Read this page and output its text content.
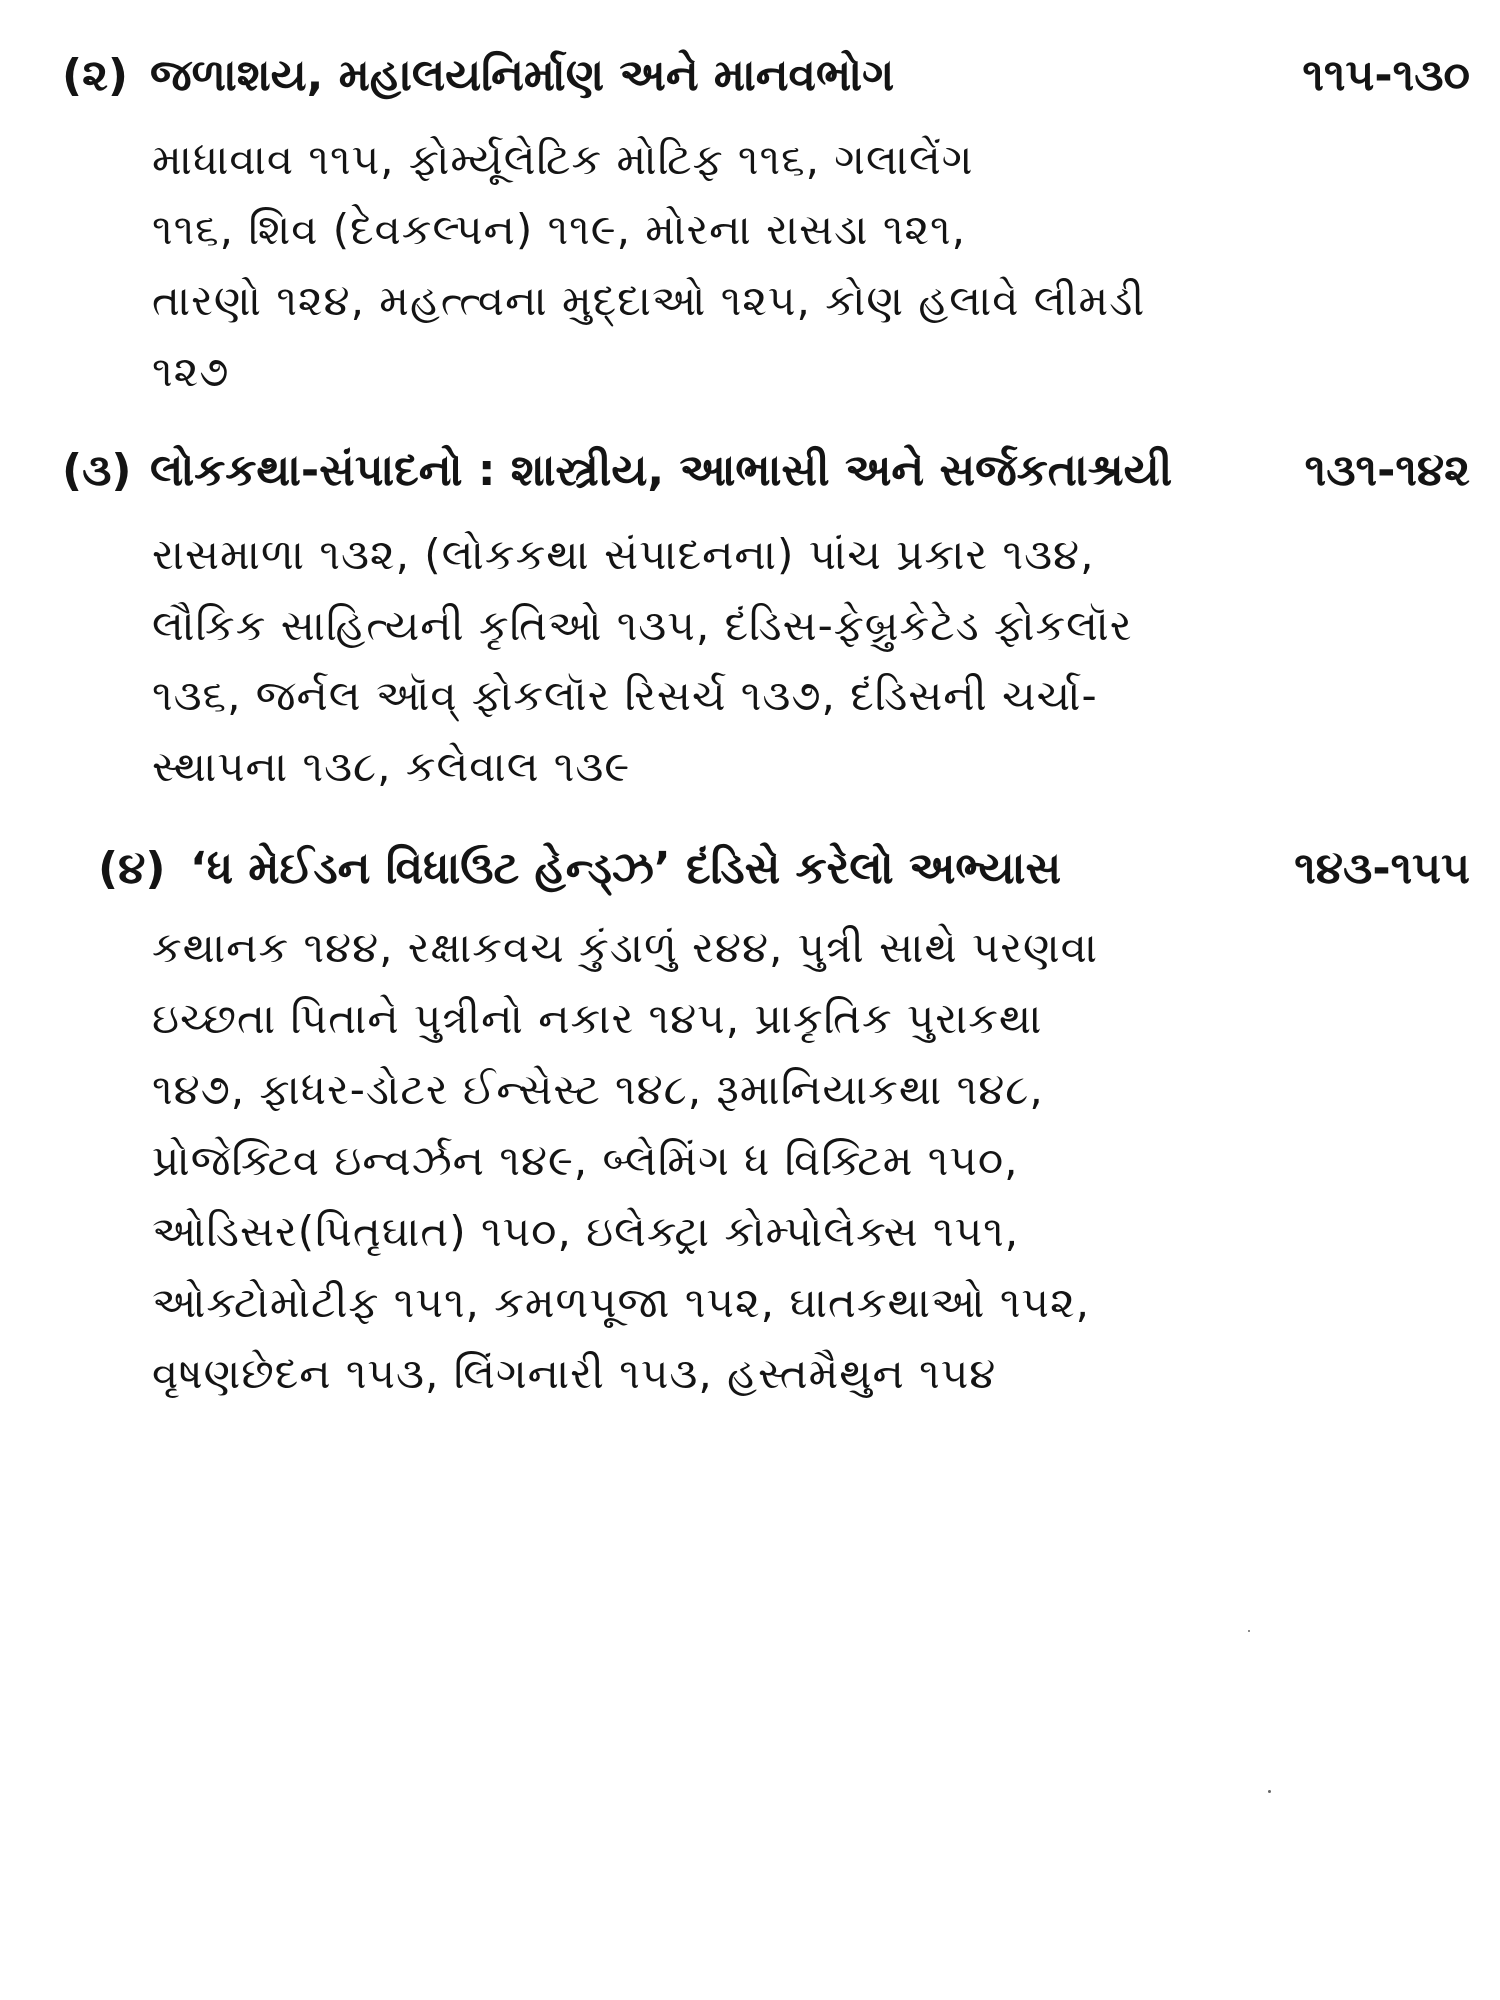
(૨) જળાશય, મહાલયનિર્માણ અને માનવભોગ	૧૧૫-૧૩૦
માધાવાવ ૧૧૫, ફોર્મ્યૂલેટિક મોટિફ ૧૧૬, ગલાલેંગ
૧૧૬, શિવ (દેવકલ્પન) ૧૧૯, મોરના રાસડા ૧૨૧,
તારણો ૧૨૪, મહત્ત્વના મુદ્દાઓ ૧૨૫, કોણ હલાવે લીમડી
૧૨૭
(૩) લોકકથા-સંપાદનો : શાસ્ત્રીય, આભાસી અને સર્જકતાશ્રયી	૧૩૧-૧૪૨
રાસમાળા ૧૩૨, (લોકકથા સંપાદનના) પાંચ પ્રકાર ૧૩૪,
લૌકિક સાહિત્યની કૃતિઓ ૧૩૫, દંડિસ-ફેબ્રુકેટેડ ફોકલૉર
૧૩૬, જર્નલ ઑવ્ ફોકલૉર રિસર્ચ ૧૩૭, દંડિસની ચર્ચા-
સ્થાપના ૧૩૮, કલેવાલ ૧૩૯
(૪) ‘ધ મેઈડન વિધાઉટ હેન્ડ્ઝ’ દંડિસે કરેલો અભ્યાસ	૧૪૩-૧૫૫
કથાનક ૧૪૪, રક્ષાકવચ કુંડાળું ર૪૪, પુત્રી સાથે પરણવા
ઇચ્છતા પિતાને પુત્રીનો નકાર ૧૪૫, પ્રાકૃતિક પુરાકથા
૧૪૭, ફાધર-ડોટર ઈન્સેસ્ટ ૧૪૮, રૂમાનિયાકથા ૧૪૮,
પ્રોજેક્ટિવ ઇન્વર્ઝન ૧૪૯, બ્લેમિંગ ધ વિક્ટિમ ૧૫૦,
ઓડિસર(પિતૃઘાત) ૧૫૦, ઇલેક્ટ્રા કોમ્પોલેક્સ ૧૫૧,
ઓક્ટોમોટીફ ૧૫૧, કમળપૂજા ૧૫૨, ઘાતકથાઓ ૧૫૨,
વૃષણછેદન ૧૫૩, લિંગનારી ૧૫૩, હસ્તમૈથુન ૧૫૪
